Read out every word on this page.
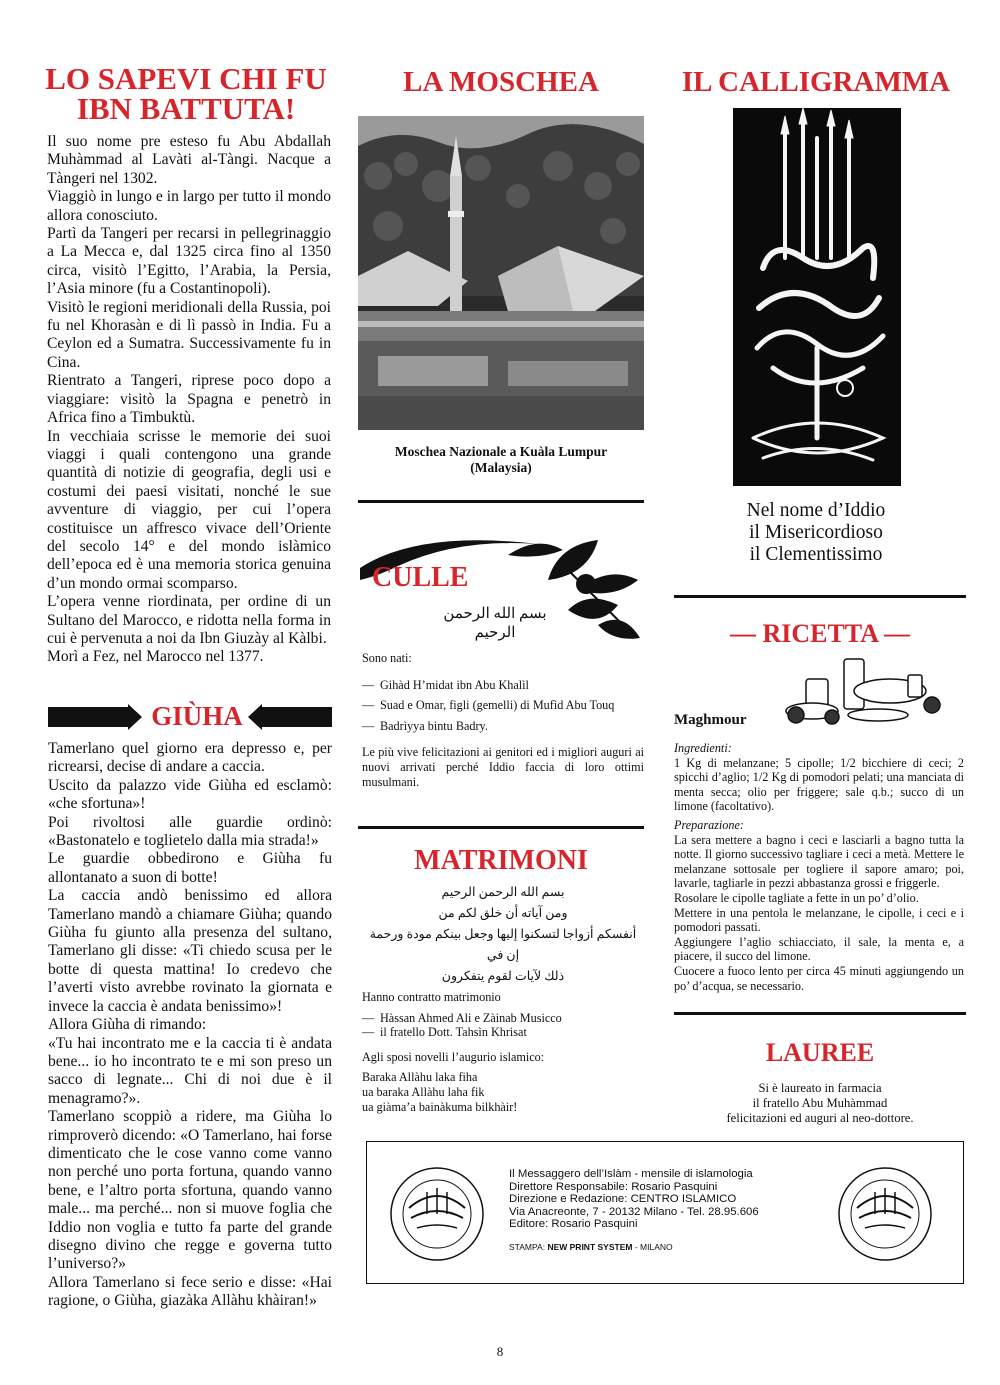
LO SAPEVI CHI FU
IBN BATTUTA!

Il suo nome pre esteso fu Abu Abdallah Muhàmmad al Lavàti al-Tàngi. Nacque a Tàngeri nel 1302.

Viaggiò in lungo e in largo per tutto il mondo allora conosciuto.

Partì da Tangeri per recarsi in pellegrinaggio a La Mecca e, dal 1325 circa fino al 1350 circa, visitò l’Egitto, l’Arabia, la Persia, l’Asia minore (fu a Costantinopoli).

Visitò le regioni meridionali della Russia, poi fu nel Khorasàn e di lì passò in India. Fu a Ceylon ed a Sumatra. Successivamente fu in Cina.

Rientrato a Tangeri, riprese poco dopo a viaggiare: visitò la Spagna e penetrò in Africa fino a Timbuktù.

In vecchiaia scrisse le memorie dei suoi viaggi i quali contengono una grande quantità di notizie di geografia, degli usi e costumi dei paesi visitati, nonché le sue avventure di viaggio, per cui l’opera costituisce un affresco vivace dell’Oriente del secolo 14° e del mondo islàmico dell’epoca ed è una memoria storica genuina d’un mondo ormai scomparso.

L’opera venne riordinata, per ordine di un Sultano del Marocco, e ridotta nella forma in cui è pervenuta a noi da Ibn Giuzày al Kàlbi.

Morì a Fez, nel Marocco nel 1377.

GIÙHA

Tamerlano quel giorno era depresso e, per ricrearsi, decise di andare a caccia.

Uscito da palazzo vide Giùha ed esclamò: «che sfortuna»!

Poi rivoltosi alle guardie ordinò: «Bastonatelo e toglietelo dalla mia strada!»

Le guardie obbedirono e Giùha fu allontanato a suon di botte!

La caccia andò benissimo ed allora Tamerlano mandò a chiamare Giùha; quando Giùha fu giunto alla presenza del sultano, Tamerlano gli disse: «Ti chiedo scusa per le botte di questa mattina! Io credevo che l’averti visto avrebbe rovinato la giornata e invece la caccia è andata benissimo»!

Allora Giùha di rimando:

«Tu hai incontrato me e la caccia ti è andata bene... io ho incontrato te e mi son preso un sacco di legnate... Chi di noi due è il menagramo?».

Tamerlano scoppiò a ridere, ma Giùha lo rimproverò dicendo: «O Tamerlano, hai forse dimenticato che le cose vanno come vanno non perché uno porta fortuna, quando vanno bene, e l’altro porta sfortuna, quando vanno male... ma perché... non si muove foglia che Iddio non voglia e tutto fa parte del grande disegno divino che regge e governa tutto l’universo?»

Allora Tamerlano si fece serio e disse: «Hai ragione, o Giùha, giazàka Allàhu khàiran!»

LA MOSCHEA
Moschea Nazionale a Kuàla Lumpur
(Malaysia)
CULLE
بسم الله الرحمن الرحيم
Sono nati:
— Gihàd H’midat ibn Abu Khalìl
— Suad e Omar, figli (gemelli) di Mufìd Abu Touq
— Badrìyya bintu Badry.

Le più vive felicitazioni ai genitori ed i migliori auguri ai nuovi arrivati perché Iddio faccia di loro ottimi musulmani.

MATRIMONI
بسم الله الرحمن الرحيم
ومن آياته أن خلق لكم من
أنفسكم أزواجا لتسكنوا إليها وجعل بينكم مودة ورحمة إن في
ذلك لآيات لقوم يتفكرون
Hanno contratto matrimonio
— Hàssan Ahmed Ali e Zàinab Musicco
— il fratello Dott. Tahsìn Khrisat
Agli sposi novelli l’augurio islamico:
Baraka Allàhu laka fiha
ua baraka Allàhu laha fik
ua giàma’a bainàkuma bilkhàir!
IL CALLIGRAMMA
Nel nome d’Iddio
il Misericordioso
il Clementissimo
— RICETTA —
Maghmour
Ingredienti:
1 Kg di melanzane; 5 cipolle; 1/2 bicchiere di ceci; 2 spicchi d’aglio; 1/2 Kg di pomodori pelati; una manciata di menta secca; olio per friggere; sale q.b.; succo di un limone (facoltativo).
Preparazione:
La sera mettere a bagno i ceci e lasciarli a bagno tutta la notte. Il giorno successivo tagliare i ceci a metà. Mettere le melanzane sottosale per togliere il sapore amaro; poi, lavarle, tagliarle in pezzi abbastanza grossi e friggerle.
Rosolare le cipolle tagliate a fette in un po’ d’olio.
Mettere in una pentola le melanzane, le cipolle, i ceci e i pomodori passati.
Aggiungere l’aglio schiacciato, il sale, la menta e, a piacere, il succo del limone.
Cuocere a fuoco lento per circa 45 minuti aggiungendo un po’ d’acqua, se necessario.
LAUREE
Si è laureato in farmacia
il fratello Abu Muhàmmad
felicitazioni ed auguri al neo-dottore.
Il Messaggero dell’Islàm - mensile di islamologia
Direttore Responsabile: Rosario Pasquini
Direzione e Redazione: CENTRO ISLAMICO
Via Anacreonte, 7 - 20132 Milano - Tel. 28.95.606
Editore: Rosario Pasquini
STAMPA: NEW PRINT SYSTEM - MILANO
8
